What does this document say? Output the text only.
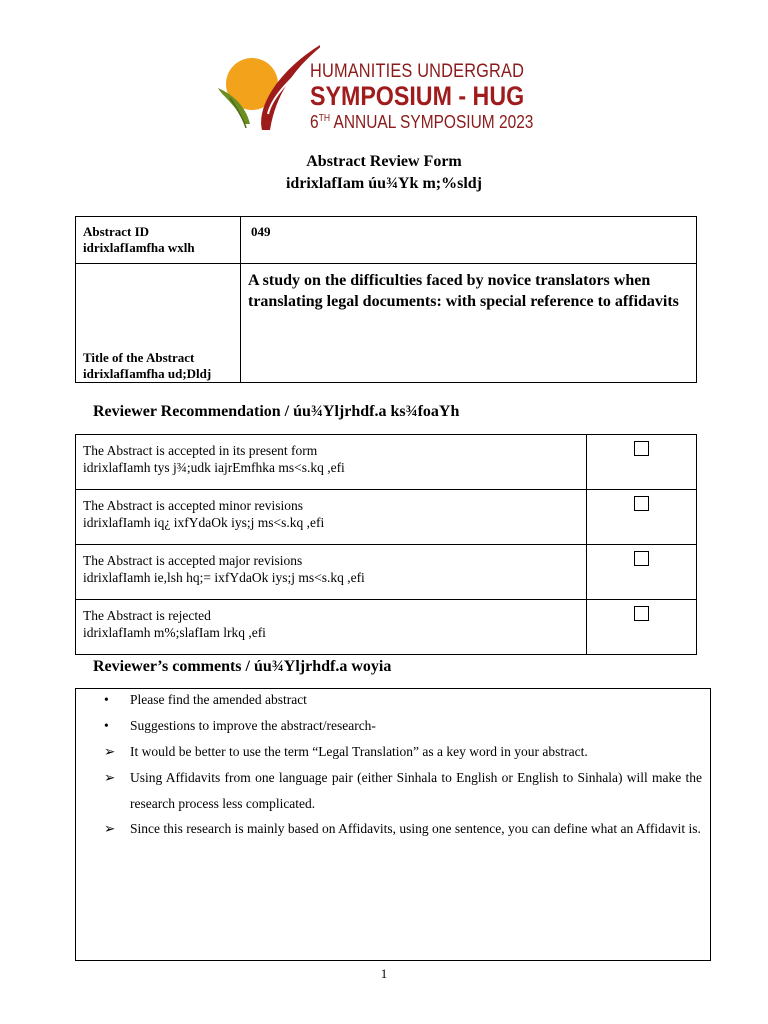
HUMANITIES UNDERGRAD
SYMPOSIUM - HUG
6TH ANNUAL SYMPOSIUM 2023
Abstract Review Form
idrixlafIam úu¾Yk m;%sldj
Abstract ID
idrixlafIamfha wxlh	049

Title of the Abstract
idrixlafIamfha ud;Dldj	A study on the difficulties faced by novice translators when translating legal documents: with special reference to affidavits
Reviewer Recommendation / úu¾Yljrhdf.a ks¾foaYh
The Abstract is accepted in its present form
idrixlafIamh tys j¾;udk iajrEmfhka ms<s.kq ,efi	

The Abstract is accepted minor revisions
idrixlafIamh iq¿ ixfYdaOk iys;j ms<s.kq ,efi	

The Abstract is accepted major revisions
idrixlafIamh ie,lsh hq;= ixfYdaOk iys;j ms<s.kq ,efi	

The Abstract is rejected
idrixlafIamh m%;slafIam lrkq ,efi	

Reviewer’s comments / úu¾Yljrhdf.a woyia
•	Please find the amended abstract
•	Suggestions to improve the abstract/research-
➢ It would be better to use the term “Legal Translation” as a key word in your abstract.
➢ Using Affidavits from one language pair (either Sinhala to English or English to Sinhala) will make the research process less complicated.
➢ Since this research is mainly based on Affidavits, using one sentence, you can define what an Affidavit is.
1
